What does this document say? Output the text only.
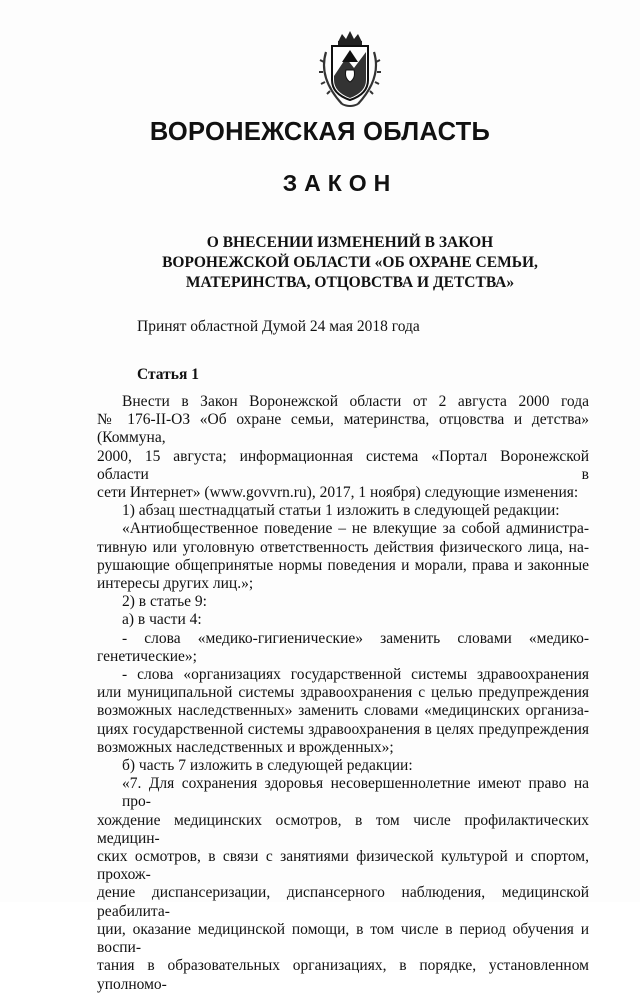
ВОРОНЕЖСКАЯ ОБЛАСТЬ
ЗАКОН
О ВНЕСЕНИИ ИЗМЕНЕНИЙ В ЗАКОН
ВОРОНЕЖСКОЙ ОБЛАСТИ «ОБ ОХРАНЕ СЕМЬИ,
МАТЕРИНСТВА, ОТЦОВСТВА И ДЕТСТВА»
Принят областной Думой 24 мая 2018 года
Статья 1
Внести в Закон Воронежской области от 2 августа 2000 года
№ 176-II-ОЗ «Об охране семьи, материнства, отцовства и детства» (Коммуна,
2000, 15 августа; информационная система «Портал Воронежской области в
сети Интернет» (www.govvrn.ru), 2017, 1 ноября) следующие изменения:
1) абзац шестнадцатый статьи 1 изложить в следующей редакции:
«Антиобщественное поведение – не влекущие за собой администра-
тивную или уголовную ответственность действия физического лица, на-
рушающие общепринятые нормы поведения и морали, права и законные
интересы других лиц.»;
2) в статье 9:
а) в части 4:
- слова «медико-гигиенические» заменить словами «медико-
генетические»;
- слова «организациях государственной системы здравоохранения
или муниципальной системы здравоохранения с целью предупреждения
возможных наследственных» заменить словами «медицинских организа-
циях государственной системы здравоохранения в целях предупреждения
возможных наследственных и врожденных»;
б) часть 7 изложить в следующей редакции:
«7. Для сохранения здоровья несовершеннолетние имеют право на про-
хождение медицинских осмотров, в том числе профилактических медицин-
ских осмотров, в связи с занятиями физической культурой и спортом, прохож-
дение диспансеризации, диспансерного наблюдения, медицинской реабилита-
ции, оказание медицинской помощи, в том числе в период обучения и воспи-
тания в образовательных организациях, в порядке, установленном уполномо-
